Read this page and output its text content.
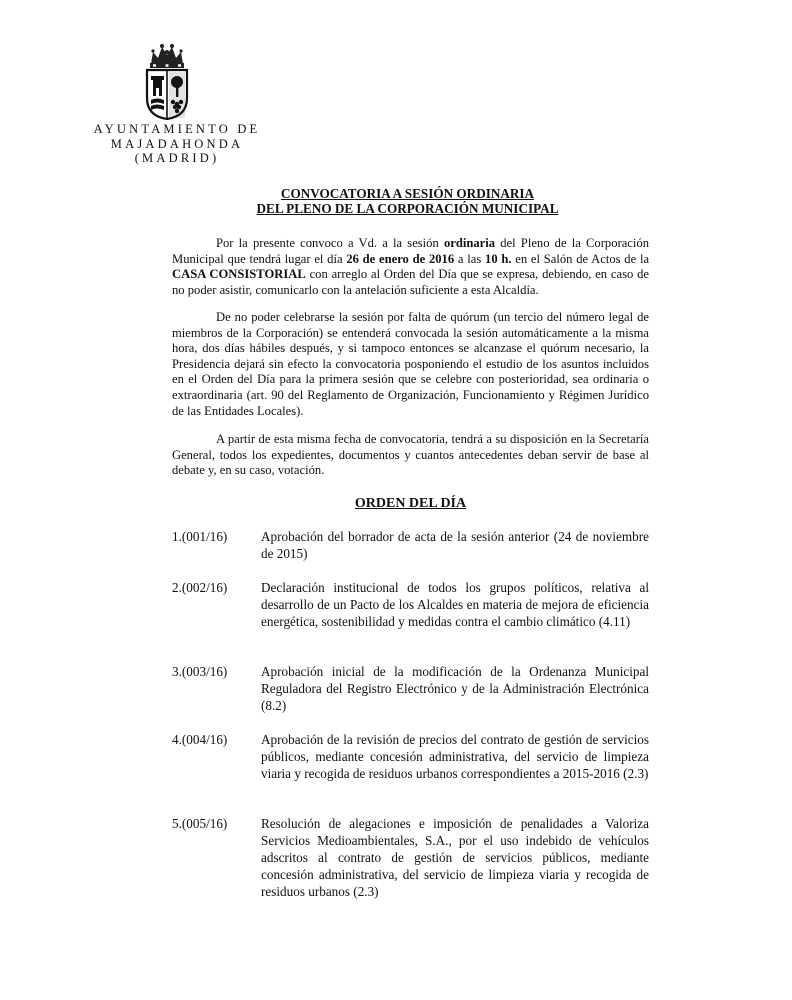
AYUNTAMIENTO DE
MAJADAHONDA
(MADRID)
CONVOCATORIA A SESIÓN ORDINARIA
DEL PLENO DE LA CORPORACIÓN MUNICIPAL
Por la presente convoco a Vd. a la sesión ordinaria del Pleno de la Corporación Municipal que tendrá lugar el día 26 de enero de 2016 a las 10 h. en el Salón de Actos de la CASA CONSISTORIAL con arreglo al Orden del Día que se expresa, debiendo, en caso de no poder asistir, comunicarlo con la antelación suficiente a esta Alcaldía.
De no poder celebrarse la sesión por falta de quórum (un tercio del número legal de miembros de la Corporación) se entenderá convocada la sesión automáticamente a la misma hora, dos días hábiles después, y si tampoco entonces se alcanzase el quórum necesario, la Presidencia dejará sin efecto la convocatoria posponiendo el estudio de los asuntos incluidos en el Orden del Día para la primera sesión que se celebre con posterioridad, sea ordinaria o extraordinaria (art. 90 del Reglamento de Organización, Funcionamiento y Régimen Jurídico de las Entidades Locales).
A partir de esta misma fecha de convocatoria, tendrá a su disposición en la Secretaría General, todos los expedientes, documentos y cuantos antecedentes deban servir de base al debate y, en su caso, votación.
ORDEN DEL DÍA
1.(001/16)	Aprobación del borrador de acta de la sesión anterior (24 de noviembre de 2015)
2.(002/16)	Declaración institucional de todos los grupos políticos, relativa al desarrollo de un Pacto de los Alcaldes en materia de mejora de eficiencia energética, sostenibilidad y medidas contra el cambio climático (4.11)
3.(003/16)	Aprobación inicial de la modificación de la Ordenanza Municipal Reguladora del Registro Electrónico y de la Administración Electrónica (8.2)
4.(004/16)	Aprobación de la revisión de precios del contrato de gestión de servicios públicos, mediante concesión administrativa, del servicio de limpieza viaria y recogida de residuos urbanos correspondientes a 2015-2016 (2.3)
5.(005/16)	Resolución de alegaciones e imposición de penalidades a Valoriza Servicios Medioambientales, S.A., por el uso indebido de vehículos adscritos al contrato de gestión de servicios públicos, mediante concesión administrativa, del servicio de limpieza viaria y recogida de residuos urbanos (2.3)
